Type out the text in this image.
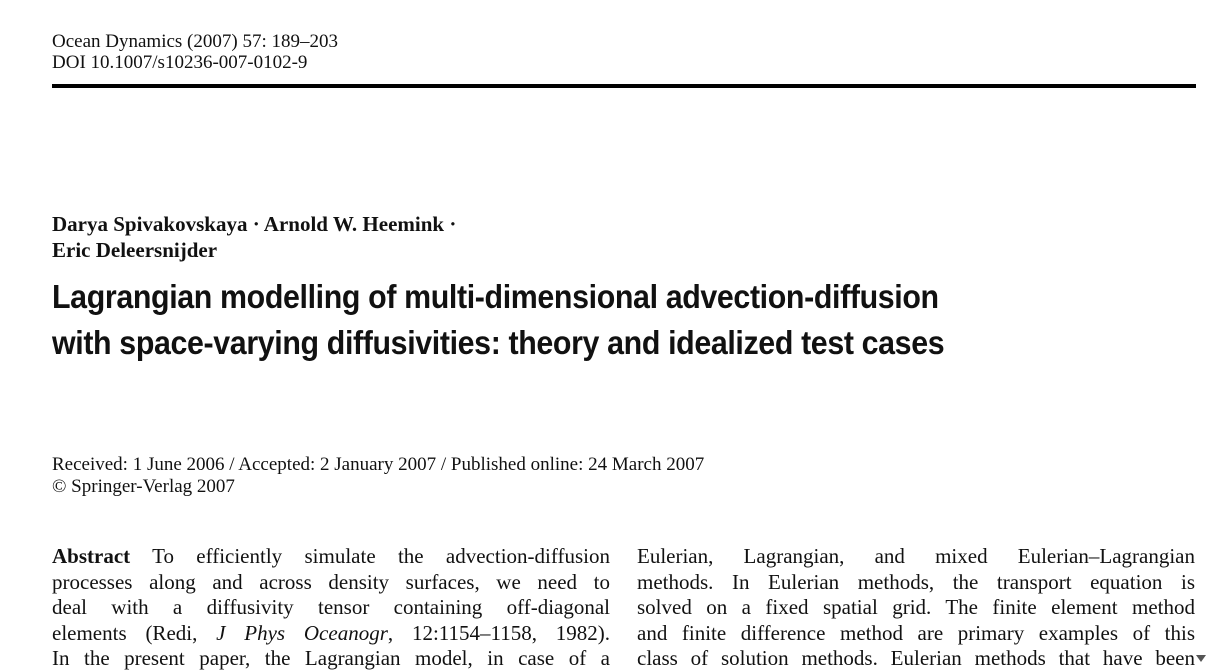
Ocean Dynamics (2007) 57: 189–203
DOI 10.1007/s10236-007-0102-9
Darya Spivakovskaya · Arnold W. Heemink ·
Eric Deleersnijder
Lagrangian modelling of multi-dimensional advection-diffusion
with space-varying diffusivities: theory and idealized test cases
Received: 1 June 2006 / Accepted: 2 January 2007 / Published online: 24 March 2007
© Springer-Verlag 2007
Abstract To efficiently simulate the advection-diffusion
processes along and across density surfaces, we need to
deal with a diffusivity tensor containing off-diagonal
elements (Redi, J Phys Oceanogr, 12:1154–1158, 1982).
In the present paper, the Lagrangian model, in case of a
Eulerian, Lagrangian, and mixed Eulerian–Lagrangian
methods. In Eulerian methods, the transport equation is
solved on a fixed spatial grid. The finite element method
and finite difference method are primary examples of this
class of solution methods. Eulerian methods that have been
